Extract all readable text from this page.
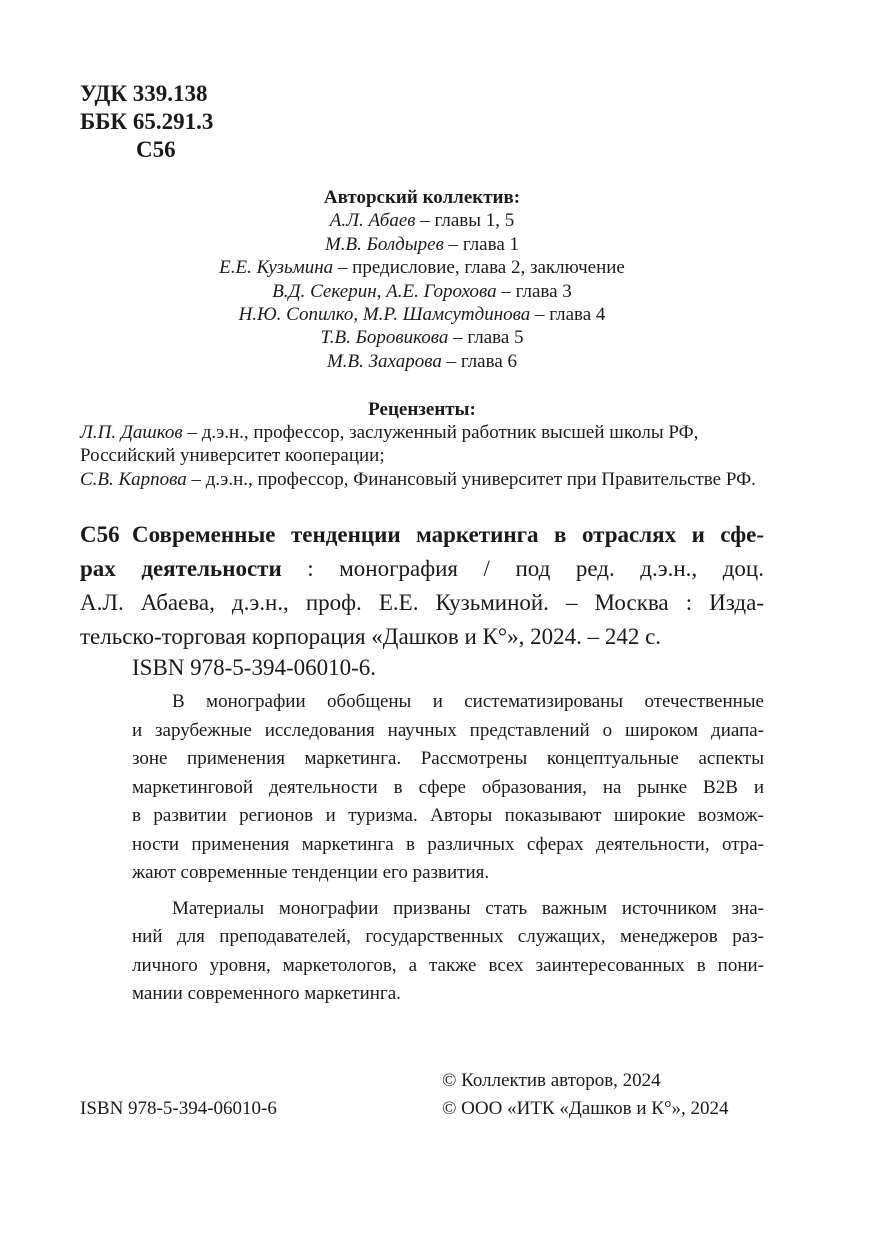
УДК 339.138
ББК 65.291.3
С56
Авторский коллектив:
А.Л. Абаев – главы 1, 5
М.В. Болдырев – глава 1
Е.Е. Кузьмина – предисловие, глава 2, заключение
В.Д. Секерин, А.Е. Горохова – глава 3
Н.Ю. Сопилко, М.Р. Шамсутдинова – глава 4
Т.В. Боровикова – глава 5
М.В. Захарова – глава 6
Рецензенты:
Л.П. Дашков – д.э.н., профессор, заслуженный работник высшей школы РФ,
Российский университет кооперации;
С.В. Карпова – д.э.н., профессор, Финансовый университет при Правительстве РФ.
С56 Современные тенденции маркетинга в отраслях и сфе-
рах деятельности : монография / под ред. д.э.н., доц.
А.Л. Абаева, д.э.н., проф. Е.Е. Кузьминой. – Москва : Изда-
тельско-торговая корпорация «Дашков и К°», 2024. – 242 с.
ISBN 978-5-394-06010-6.
В монографии обобщены и систематизированы отечественные
и зарубежные исследования научных представлений о широком диапа-
зоне применения маркетинга. Рассмотрены концептуальные аспекты
маркетинговой деятельности в сфере образования, на рынке B2B и
в развитии регионов и туризма. Авторы показывают широкие возмож-
ности применения маркетинга в различных сферах деятельности, отра-
жают современные тенденции его развития.
Материалы монографии призваны стать важным источником зна-
ний для преподавателей, государственных служащих, менеджеров раз-
личного уровня, маркетологов, а также всех заинтересованных в пони-
мании современного маркетинга.
© Коллектив авторов, 2024
© ООО «ИТК «Дашков и К°», 2024
ISBN 978-5-394-06010-6
